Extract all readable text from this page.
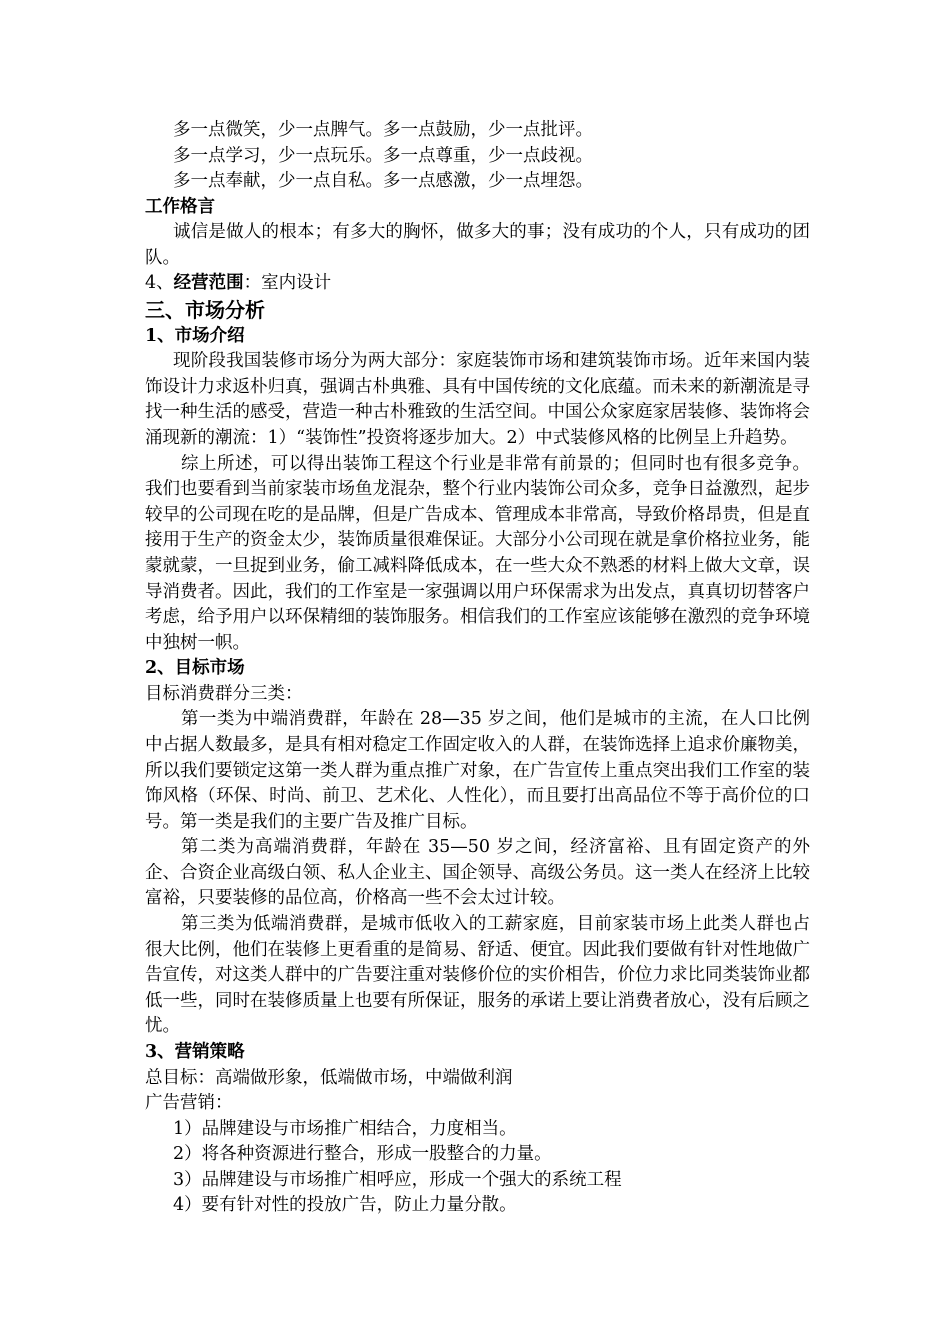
多一点微笑，少一点脾气。多一点鼓励，少一点批评。

多一点学习，少一点玩乐。多一点尊重，少一点歧视。

多一点奉献，少一点自私。多一点感激，少一点埋怨。

工作格言

诚信是做人的根本；有多大的胸怀，做多大的事；没有成功的个人，只有成功的团队。

4、经营范围：室内设计

三、市场分析

1、市场介绍

现阶段我国装修市场分为两大部分：家庭装饰市场和建筑装饰市场。近年来国内装饰设计力求返朴归真，强调古朴典雅、具有中国传统的文化底蕴。而未来的新潮流是寻找一种生活的感受，营造一种古朴雅致的生活空间。中国公众家庭家居装修、装饰将会涌现新的潮流：1）“装饰性”投资将逐步加大。2）中式装修风格的比例呈上升趋势。

综上所述，可以得出装饰工程这个行业是非常有前景的；但同时也有很多竞争。我们也要看到当前家装市场鱼龙混杂，整个行业内装饰公司众多，竞争日益激烈，起步较早的公司现在吃的是品牌，但是广告成本、管理成本非常高，导致价格昂贵，但是直接用于生产的资金太少，装饰质量很难保证。大部分小公司现在就是拿价格拉业务，能蒙就蒙，一旦捉到业务，偷工减料降低成本，在一些大众不熟悉的材料上做大文章，误导消费者。因此，我们的工作室是一家强调以用户环保需求为出发点，真真切切替客户考虑，给予用户以环保精细的装饰服务。相信我们的工作室应该能够在激烈的竞争环境中独树一帜。

2、目标市场

目标消费群分三类：

第一类为中端消费群，年龄在 28—35 岁之间，他们是城市的主流，在人口比例中占据人数最多，是具有相对稳定工作固定收入的人群，在装饰选择上追求价廉物美，所以我们要锁定这第一类人群为重点推广对象，在广告宣传上重点突出我们工作室的装饰风格（环保、时尚、前卫、艺术化、人性化），而且要打出高品位不等于高价位的口号。第一类是我们的主要广告及推广目标。

第二类为高端消费群，年龄在 35—50 岁之间，经济富裕、且有固定资产的外企、合资企业高级白领、私人企业主、国企领导、高级公务员。这一类人在经济上比较富裕，只要装修的品位高，价格高一些不会太过计较。

第三类为低端消费群，是城市低收入的工薪家庭，目前家装市场上此类人群也占很大比例，他们在装修上更看重的是简易、舒适、便宜。因此我们要做有针对性地做广告宣传，对这类人群中的广告要注重对装修价位的实价相告，价位力求比同类装饰业都低一些，同时在装修质量上也要有所保证，服务的承诺上要让消费者放心，没有后顾之忧。

3、营销策略

总目标：高端做形象，低端做市场，中端做利润

广告营销：

1）品牌建设与市场推广相结合，力度相当。

2）将各种资源进行整合，形成一股整合的力量。

3）品牌建设与市场推广相呼应，形成一个强大的系统工程

4）要有针对性的投放广告，防止力量分散。
